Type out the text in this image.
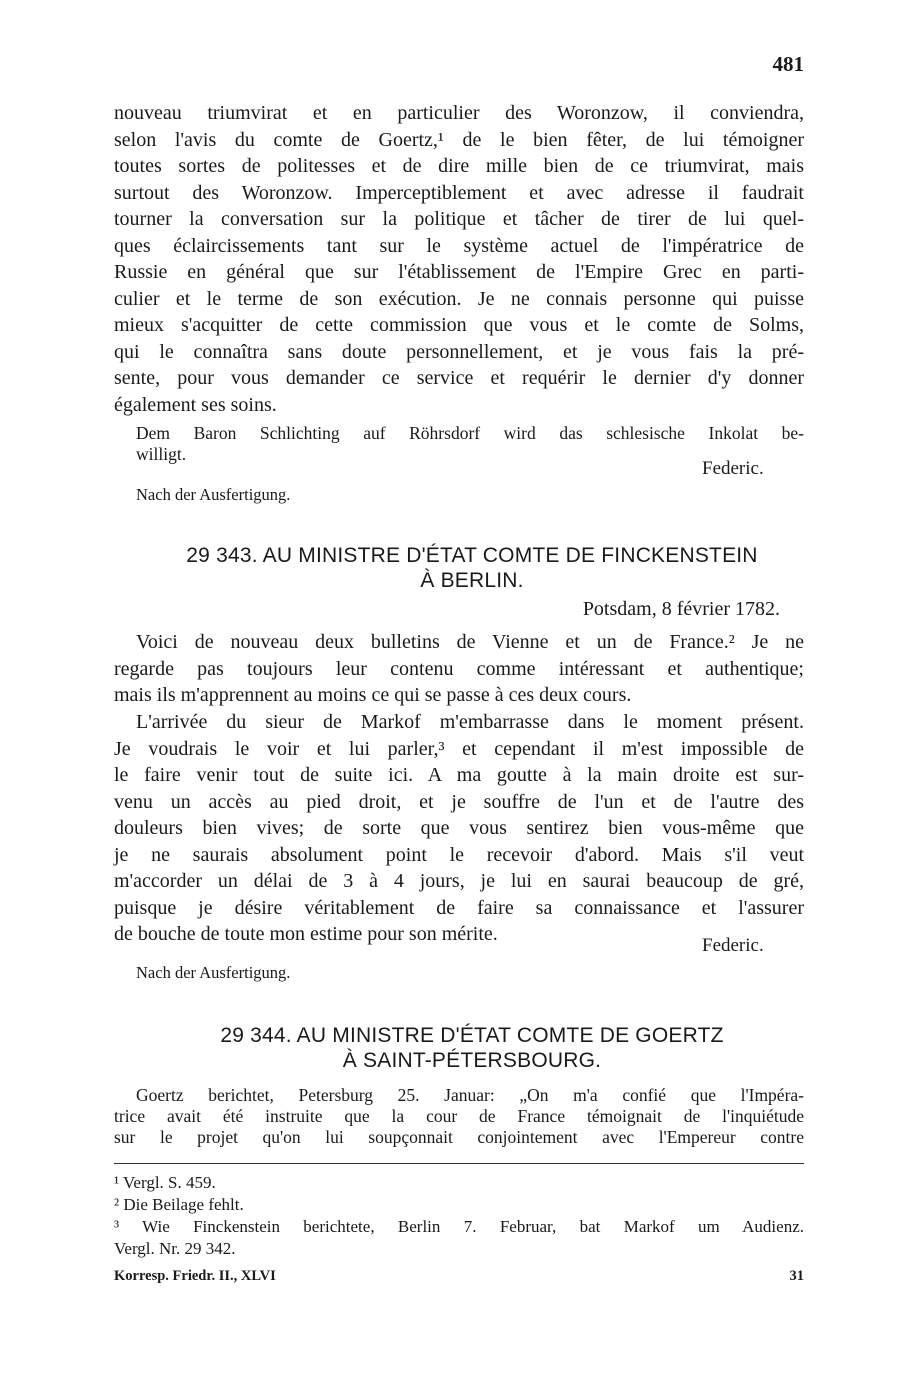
481
nouveau triumvirat et en particulier des Woronzow, il conviendra,
selon l'avis du comte de Goertz,¹ de le bien fêter, de lui témoigner
toutes sortes de politesses et de dire mille bien de ce triumvirat, mais
surtout des Woronzow. Imperceptiblement et avec adresse il faudrait
tourner la conversation sur la politique et tâcher de tirer de lui quel-
ques éclaircissements tant sur le système actuel de l'impératrice de
Russie en général que sur l'établissement de l'Empire Grec en parti-
culier et le terme de son exécution. Je ne connais personne qui puisse
mieux s'acquitter de cette commission que vous et le comte de Solms,
qui le connaîtra sans doute personnellement, et je vous fais la pré-
sente, pour vous demander ce service et requérir le dernier d'y donner
également ses soins.
Dem Baron Schlichting auf Röhrsdorf wird das schlesische Inkolat be-
willigt.
Federic.
Nach der Ausfertigung.
29 343. AU MINISTRE D'ÉTAT COMTE DE FINCKENSTEIN
À BERLIN.
Potsdam, 8 février 1782.
Voici de nouveau deux bulletins de Vienne et un de France.² Je ne
regarde pas toujours leur contenu comme intéressant et authentique;
mais ils m'apprennent au moins ce qui se passe à ces deux cours.
L'arrivée du sieur de Markof m'embarrasse dans le moment présent.
Je voudrais le voir et lui parler,³ et cependant il m'est impossible de
le faire venir tout de suite ici. A ma goutte à la main droite est sur-
venu un accès au pied droit, et je souffre de l'un et de l'autre des
douleurs bien vives; de sorte que vous sentirez bien vous-même que
je ne saurais absolument point le recevoir d'abord. Mais s'il veut
m'accorder un délai de 3 à 4 jours, je lui en saurai beaucoup de gré,
puisque je désire véritablement de faire sa connaissance et l'assurer
de bouche de toute mon estime pour son mérite.
Federic.
Nach der Ausfertigung.
29 344. AU MINISTRE D'ÉTAT COMTE DE GOERTZ
À SAINT-PÉTERSBOURG.
Goertz berichtet, Petersburg 25. Januar: „On m'a confié que l'Impéra-
trice avait été instruite que la cour de France témoignait de l'inquiétude
sur le projet qu'on lui soupçonnait conjointement avec l'Empereur contre
¹ Vergl. S. 459.
² Die Beilage fehlt.
³ Wie Finckenstein berichtete, Berlin 7. Februar, bat Markof um Audienz.
Vergl. Nr. 29 342.
Korresp. Friedr. II., XLVI	31
